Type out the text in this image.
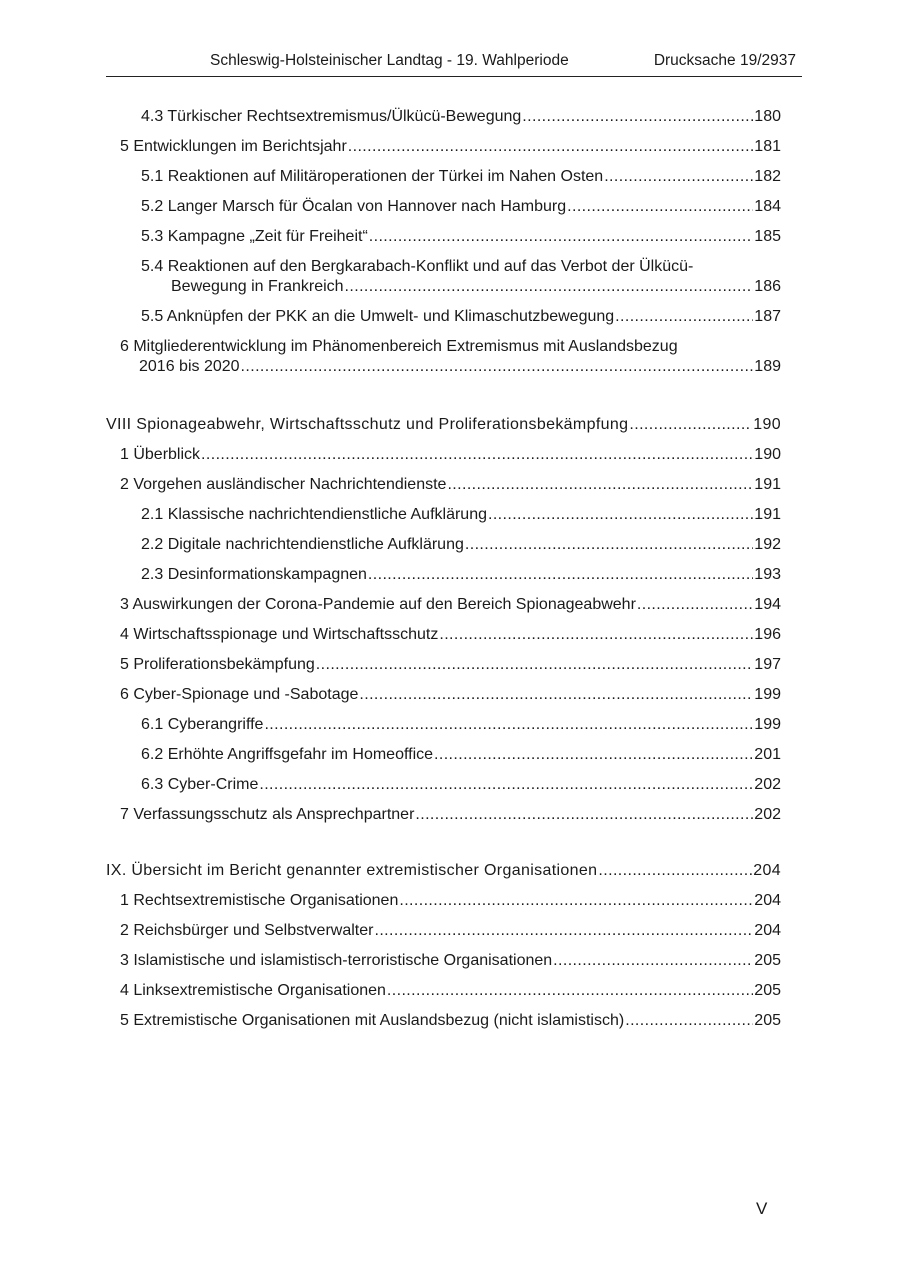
Schleswig-Holsteinischer Landtag - 19. Wahlperiode	Drucksache 19/2937
4.3 Türkischer Rechtsextremismus/Ülkücü-Bewegung .....	180
5 Entwicklungen im Berichtsjahr .....	181
5.1 Reaktionen auf Militäroperationen der Türkei im Nahen Osten .....	182
5.2 Langer Marsch für Öcalan von Hannover nach Hamburg .....	184
5.3 Kampagne „Zeit für Freiheit“ .....	185
5.4 Reaktionen auf den Bergkarabach-Konflikt und auf das Verbot der Ülkücü-
Bewegung in Frankreich .....	186
5.5 Anknüpfen der PKK an die Umwelt- und Klimaschutzbewegung .....	187
6 Mitgliederentwicklung im Phänomenbereich Extremismus mit Auslandsbezug
2016 bis 2020 .....	189
VIII Spionageabwehr, Wirtschaftsschutz und Proliferationsbekämpfung .....	190
1 Überblick .....	190
2 Vorgehen ausländischer Nachrichtendienste .....	191
2.1 Klassische nachrichtendienstliche Aufklärung .....	191
2.2 Digitale nachrichtendienstliche Aufklärung .....	192
2.3 Desinformationskampagnen .....	193
3 Auswirkungen der Corona-Pandemie auf den Bereich Spionageabwehr .....	194
4 Wirtschaftsspionage und Wirtschaftsschutz .....	196
5 Proliferationsbekämpfung .....	197
6 Cyber-Spionage und -Sabotage .....	199
6.1 Cyberangriffe .....	199
6.2 Erhöhte Angriffsgefahr im Homeoffice .....	201
6.3 Cyber-Crime .....	202
7 Verfassungsschutz als Ansprechpartner .....	202
IX. Übersicht im Bericht genannter extremistischer Organisationen .....	204
1 Rechtsextremistische Organisationen .....	204
2 Reichsbürger und Selbstverwalter .....	204
3 Islamistische und islamistisch-terroristische Organisationen .....	205
4 Linksextremistische Organisationen .....	205
5 Extremistische Organisationen mit Auslandsbezug (nicht islamistisch) .....	205
V
